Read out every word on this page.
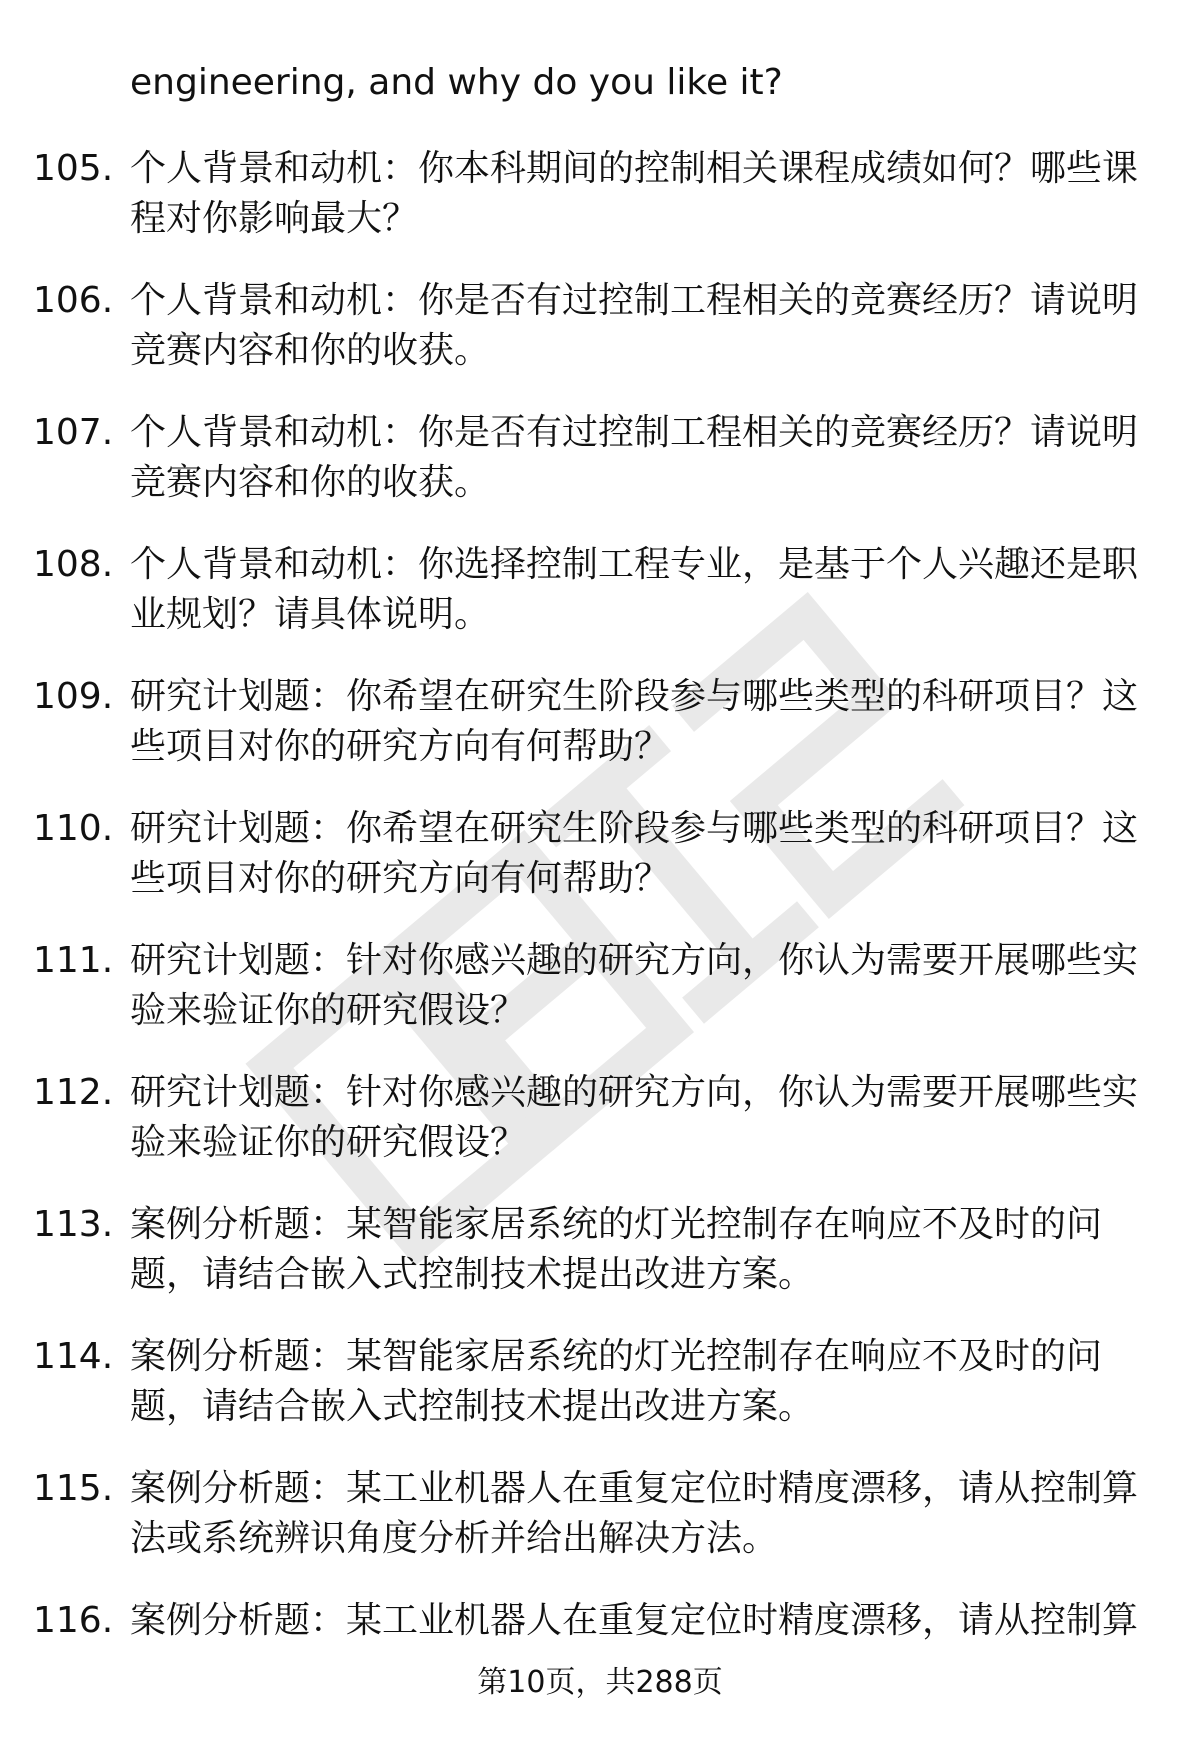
engineering, and why do you like it?

105. 个人背景和动机：你本科期间的控制相关课程成绩如何？哪些课程对你影响最大？
106. 个人背景和动机：你是否有过控制工程相关的竞赛经历？请说明竞赛内容和你的收获。
107. 个人背景和动机：你是否有过控制工程相关的竞赛经历？请说明竞赛内容和你的收获。
108. 个人背景和动机：你选择控制工程专业，是基于个人兴趣还是职业规划？请具体说明。
109. 研究计划题：你希望在研究生阶段参与哪些类型的科研项目？这些项目对你的研究方向有何帮助？
110. 研究计划题：你希望在研究生阶段参与哪些类型的科研项目？这些项目对你的研究方向有何帮助？
111. 研究计划题：针对你感兴趣的研究方向，你认为需要开展哪些实验来验证你的研究假设？
112. 研究计划题：针对你感兴趣的研究方向，你认为需要开展哪些实验来验证你的研究假设？
113. 案例分析题：某智能家居系统的灯光控制存在响应不及时的问题，请结合嵌入式控制技术提出改进方案。
114. 案例分析题：某智能家居系统的灯光控制存在响应不及时的问题，请结合嵌入式控制技术提出改进方案。
115. 案例分析题：某工业机器人在重复定位时精度漂移，请从控制算法或系统辨识角度分析并给出解决方法。
116. 案例分析题：某工业机器人在重复定位时精度漂移，请从控制算

第10页，共288页
